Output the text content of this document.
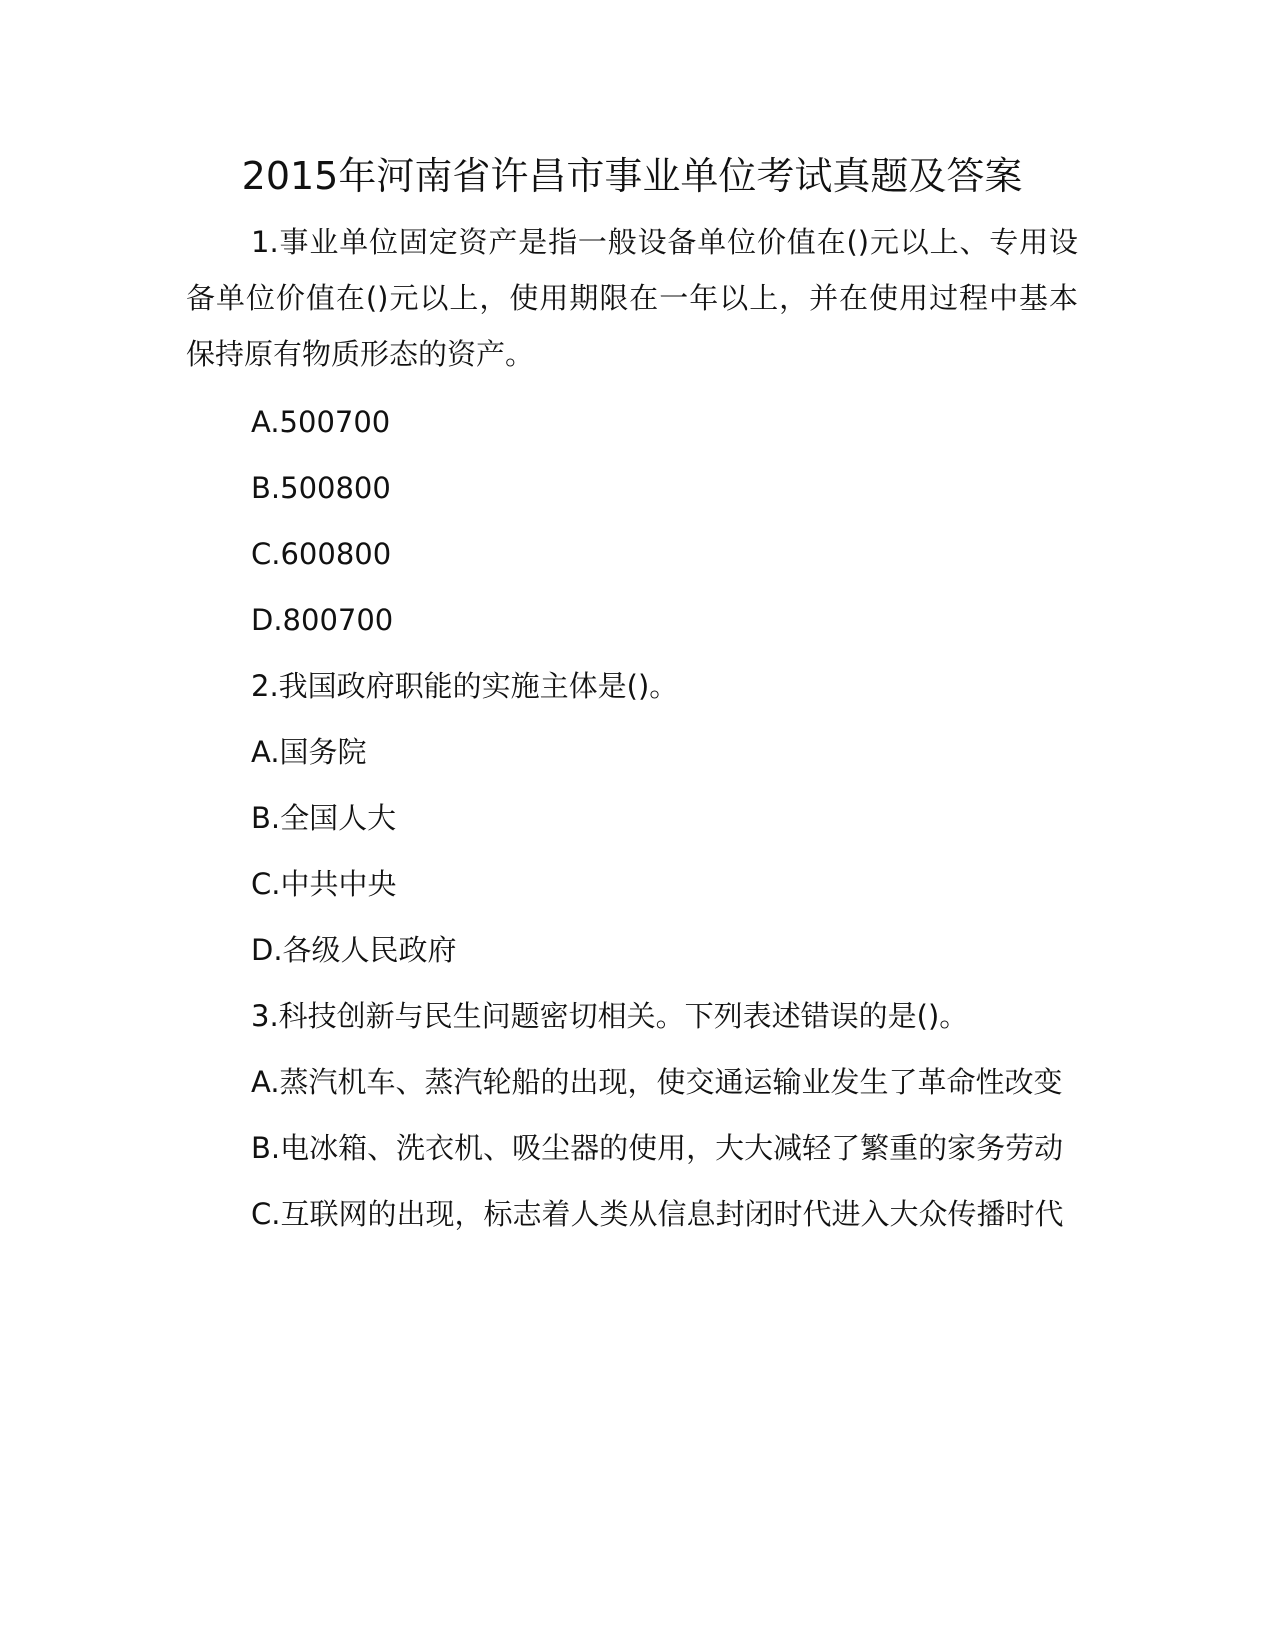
2015年河南省许昌市事业单位考试真题及答案

1.事业单位固定资产是指一般设备单位价值在()元以上、专用设备单位价值在()元以上，使用期限在一年以上，并在使用过程中基本保持原有物质形态的资产。

A.500700

B.500800

C.600800

D.800700

2.我国政府职能的实施主体是()。

A.国务院

B.全国人大

C.中共中央

D.各级人民政府

3.科技创新与民生问题密切相关。下列表述错误的是()。

A.蒸汽机车、蒸汽轮船的出现，使交通运输业发生了革命性改变

B.电冰箱、洗衣机、吸尘器的使用，大大减轻了繁重的家务劳动

C.互联网的出现，标志着人类从信息封闭时代进入大众传播时代
